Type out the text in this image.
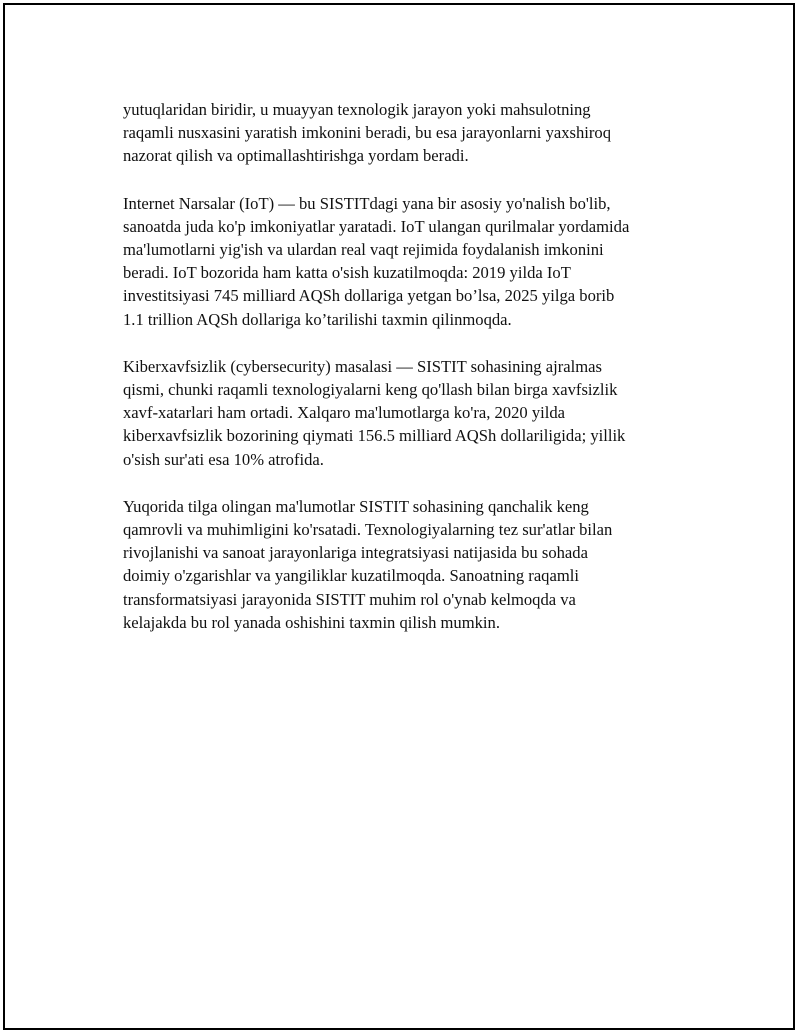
yutuqlaridan biridir, u muayyan texnologik jarayon yoki mahsulotning
raqamli nusxasini yaratish imkonini beradi, bu esa jarayonlarni yaxshiroq
nazorat qilish va optimallashtirishga yordam beradi.

Internet Narsalar (IoT) — bu SISTITdagi yana bir asosiy yo'nalish bo'lib,
sanoatda juda ko'p imkoniyatlar yaratadi. IoT ulangan qurilmalar yordamida
ma'lumotlarni yig'ish va ulardan real vaqt rejimida foydalanish imkonini
beradi. IoT bozorida ham katta o'sish kuzatilmoqda: 2019 yilda IoT
investitsiyasi 745 milliard AQSh dollariga yetgan bo’lsa, 2025 yilga borib
1.1 trillion AQSh dollariga ko’tarilishi taxmin qilinmoqda.

Kiberxavfsizlik (cybersecurity) masalasi — SISTIT sohasining ajralmas
qismi, chunki raqamli texnologiyalarni keng qo'llash bilan birga xavfsizlik
xavf-xatarlari ham ortadi. Xalqaro ma'lumotlarga ko'ra, 2020 yilda
kiberxavfsizlik bozorining qiymati 156.5 milliard AQSh dollariligida; yillik
o'sish sur'ati esa 10% atrofida.

Yuqorida tilga olingan ma'lumotlar SISTIT sohasining qanchalik keng
qamrovli va muhimligini ko'rsatadi. Texnologiyalarning tez sur'atlar bilan
rivojlanishi va sanoat jarayonlariga integratsiyasi natijasida bu sohada
doimiy o'zgarishlar va yangiliklar kuzatilmoqda. Sanoatning raqamli
transformatsiyasi jarayonida SISTIT muhim rol o'ynab kelmoqda va
kelajakda bu rol yanada oshishini taxmin qilish mumkin.
